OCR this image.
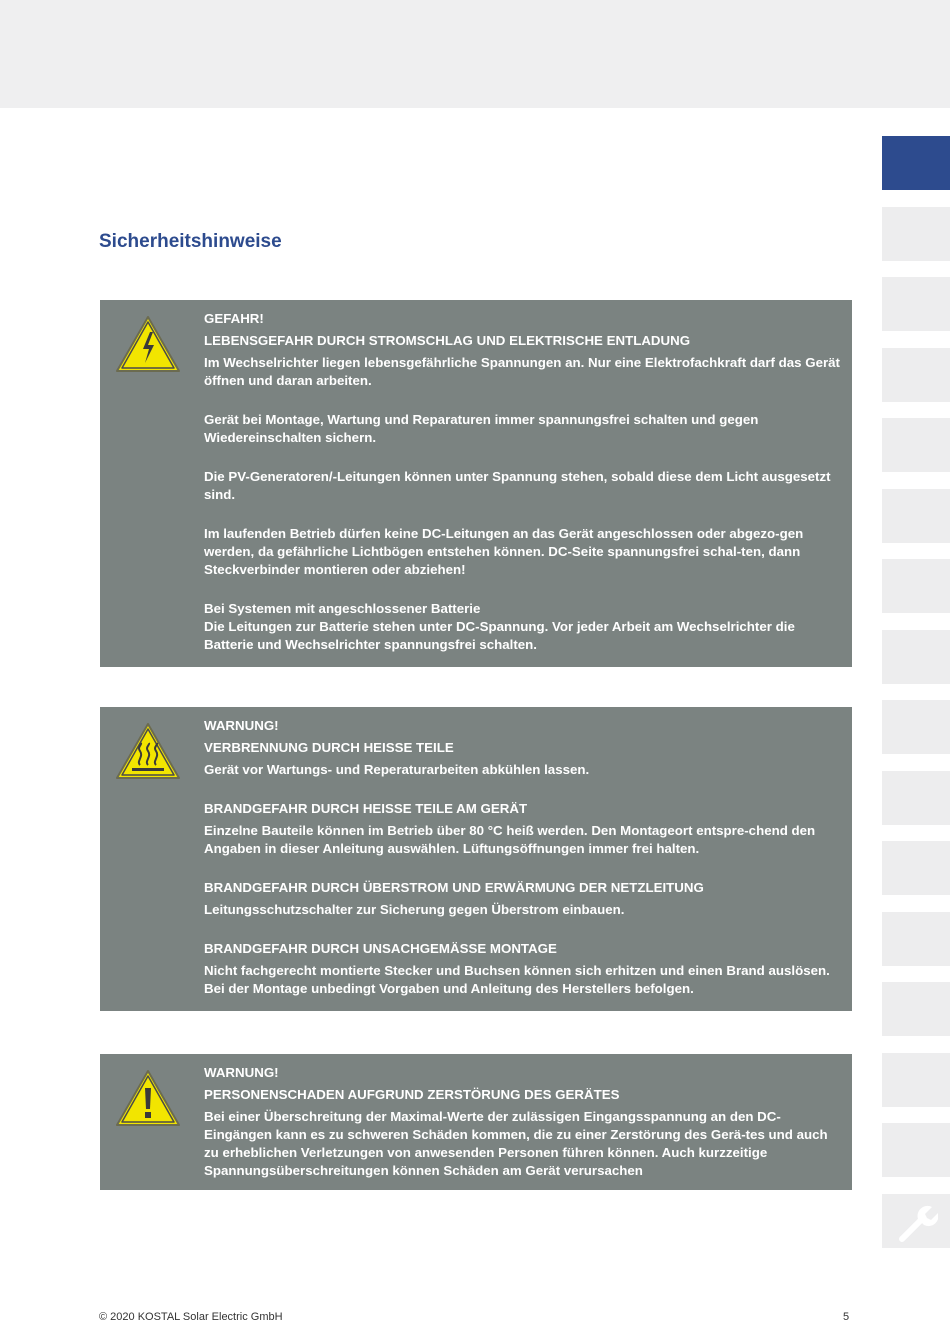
Sicherheitshinweise

GEFAHR!

LEBENSGEFAHR DURCH STROMSCHLAG UND ELEKTRISCHE ENTLADUNG

Im Wechselrichter liegen lebensgefährliche Spannungen an. Nur eine Elektrofachkraft darf das Gerät öffnen und daran arbeiten.

Gerät bei Montage, Wartung und Reparaturen immer spannungsfrei schalten und gegen Wiedereinschalten sichern.

Die PV-Generatoren/-Leitungen können unter Spannung stehen, sobald diese dem Licht ausgesetzt sind.

Im laufenden Betrieb dürfen keine DC-Leitungen an das Gerät angeschlossen oder abgezo-gen werden, da gefährliche Lichtbögen entstehen können. DC-Seite spannungsfrei schal-ten, dann Steckverbinder montieren oder abziehen!

Bei Systemen mit angeschlossener Batterie

Die Leitungen zur Batterie stehen unter DC-Spannung. Vor jeder Arbeit am Wechselrichter die Batterie und Wechselrichter spannungsfrei schalten.

WARNUNG!

VERBRENNUNG DURCH HEISSE TEILE

Gerät vor Wartungs- und Reperaturarbeiten abkühlen lassen.

BRANDGEFAHR DURCH HEISSE TEILE AM GERÄT

Einzelne Bauteile können im Betrieb über 80 °C heiß werden. Den Montageort entspre-chend den Angaben in dieser Anleitung auswählen. Lüftungsöffnungen immer frei halten.

BRANDGEFAHR DURCH ÜBERSTROM UND ERWÄRMUNG DER NETZLEITUNG

Leitungsschutzschalter zur Sicherung gegen Überstrom einbauen.

BRANDGEFAHR DURCH UNSACHGEMÄSSE MONTAGE

Nicht fachgerecht montierte Stecker und Buchsen können sich erhitzen und einen Brand auslösen. Bei der Montage unbedingt Vorgaben und Anleitung des Herstellers befolgen.

WARNUNG!

PERSONENSCHADEN AUFGRUND ZERSTÖRUNG DES GERÄTES

Bei einer Überschreitung der Maximal-Werte der zulässigen Eingangsspannung an den DC-Eingängen kann es zu schweren Schäden kommen, die zu einer Zerstörung des Gerä-tes und auch zu erheblichen Verletzungen von anwesenden Personen führen können. Auch kurzzeitige Spannungsüberschreitungen können Schäden am Gerät verursachen

© 2020 KOSTAL Solar Electric GmbH	5
